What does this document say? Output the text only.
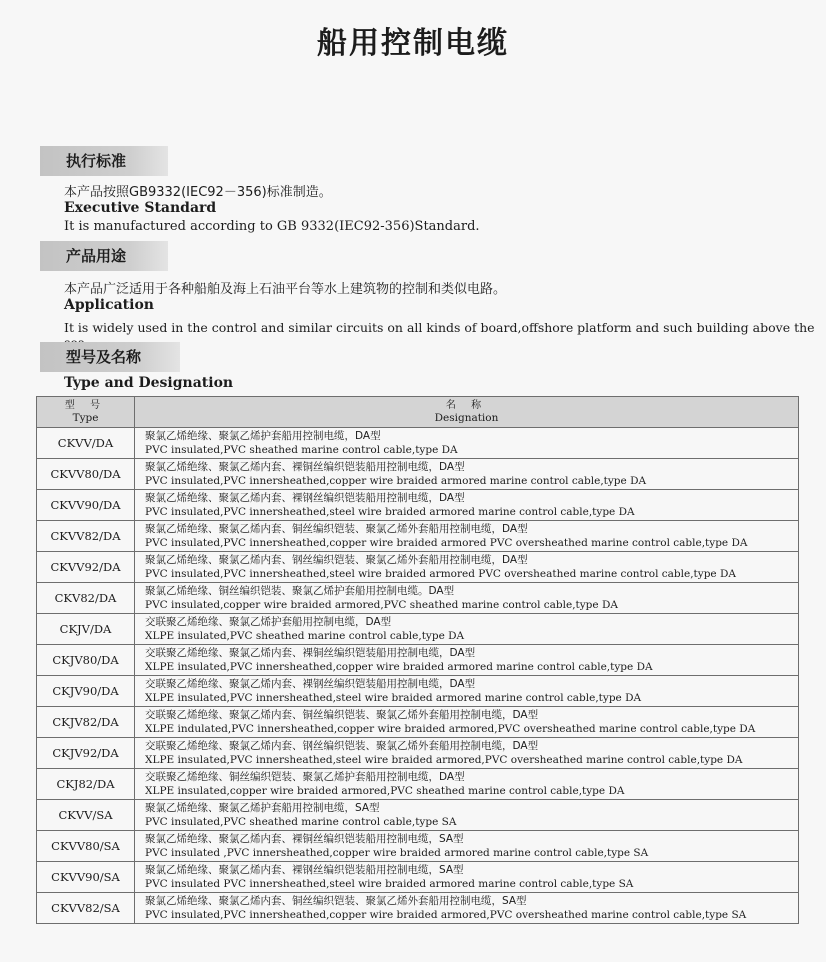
船用控制电缆
执行标准
本产品按照GB9332(IEC92－356)标准制造。
Executive Standard
It is manufactured according to GB 9332(IEC92-356)Standard.
产品用途
本产品广泛适用于各种船舶及海上石油平台等水上建筑物的控制和类似电路。
Application
It is widely used in the control and similar circuits on all kinds of board,offshore platform and such building above the
型号及名称
Type and Designation
型 号
Type	名 称
Designation

CKVV/DA	聚氯乙烯绝缘、聚氯乙烯护套船用控制电缆，DA型
PVC insulated,PVC sheathed marine control cable,type DA

CKVV80/DA	聚氯乙烯绝缘、聚氯乙烯内套、裸铜丝编织铠装船用控制电缆，DA型
PVC insulated,PVC innersheathed,copper wire braided armored marine control cable,type DA

CKVV90/DA	聚氯乙烯绝缘、聚氯乙烯内套、裸钢丝编织铠装船用控制电缆，DA型
PVC insulated,PVC innersheathed,steel wire braided armored marine control cable,type DA

CKVV82/DA	聚氯乙烯绝缘、聚氯乙烯内套、铜丝编织铠装、聚氯乙烯外套船用控制电缆，DA型
PVC insulated,PVC innersheathed,copper wire braided armored PVC oversheathed marine control cable,type DA

CKVV92/DA	聚氯乙烯绝缘、聚氯乙烯内套、钢丝编织铠装、聚氯乙烯外套船用控制电缆，DA型
PVC insulated,PVC innersheathed,steel wire braided armored PVC oversheathed marine control cable,type DA

CKV82/DA	聚氯乙烯绝缘、铜丝编织铠装、聚氯乙烯护套船用控制电缆。DA型
PVC insulated,copper wire braided armored,PVC sheathed marine control cable,type DA

CKJV/DA	交联聚乙烯绝缘、聚氯乙烯护套船用控制电缆，DA型
XLPE insulated,PVC sheathed marine control cable,type DA

CKJV80/DA	交联聚乙烯绝缘、聚氯乙烯内套、裸铜丝编织铠装船用控制电缆，DA型
XLPE insulated,PVC innersheathed,copper wire braided armored marine control cable,type DA

CKJV90/DA	交联聚乙烯绝缘、聚氯乙烯内套、裸钢丝编织铠装船用控制电缆，DA型
XLPE insulated,PVC innersheathed,steel wire braided armored marine control cable,type DA

CKJV82/DA	交联聚乙烯绝缘、聚氯乙烯内套、铜丝编织铠装、聚氯乙烯外套船用控制电缆，DA型
XLPE indulated,PVC innersheathed,copper wire braided armored,PVC oversheathed marine control cable,type DA

CKJV92/DA	交联聚乙烯绝缘、聚氯乙烯内套、钢丝编织铠装、聚氯乙烯外套船用控制电缆，DA型
XLPE insulated,PVC innersheathed,steel wire braided armored,PVC oversheathed marine control cable,type DA

CKJ82/DA	交联聚乙烯绝缘、铜丝编织铠装、聚氯乙烯护套船用控制电缆，DA型
XLPE insulated,copper wire braided armored,PVC sheathed marine control cable,type DA

CKVV/SA	聚氯乙烯绝缘、聚氯乙烯护套船用控制电缆，SA型
PVC insulated,PVC sheathed marine control cable,type SA

CKVV80/SA	聚氯乙烯绝缘、聚氯乙烯内套、裸铜丝编织铠装船用控制电缆，SA型
PVC insulated ,PVC innersheathed,copper wire braided armored marine control cable,type SA

CKVV90/SA	聚氯乙烯绝缘、聚氯乙烯内套、裸钢丝编织铠装船用控制电缆，SA型
PVC insulated PVC innersheathed,steel wire braided armored marine control cable,type SA

CKVV82/SA	聚氯乙烯绝缘、聚氯乙烯内套、铜丝编织铠装、聚氯乙烯外套船用控制电缆，SA型
PVC insulated,PVC innersheathed,copper wire braided armored,PVC oversheathed marine control cable,type SA
